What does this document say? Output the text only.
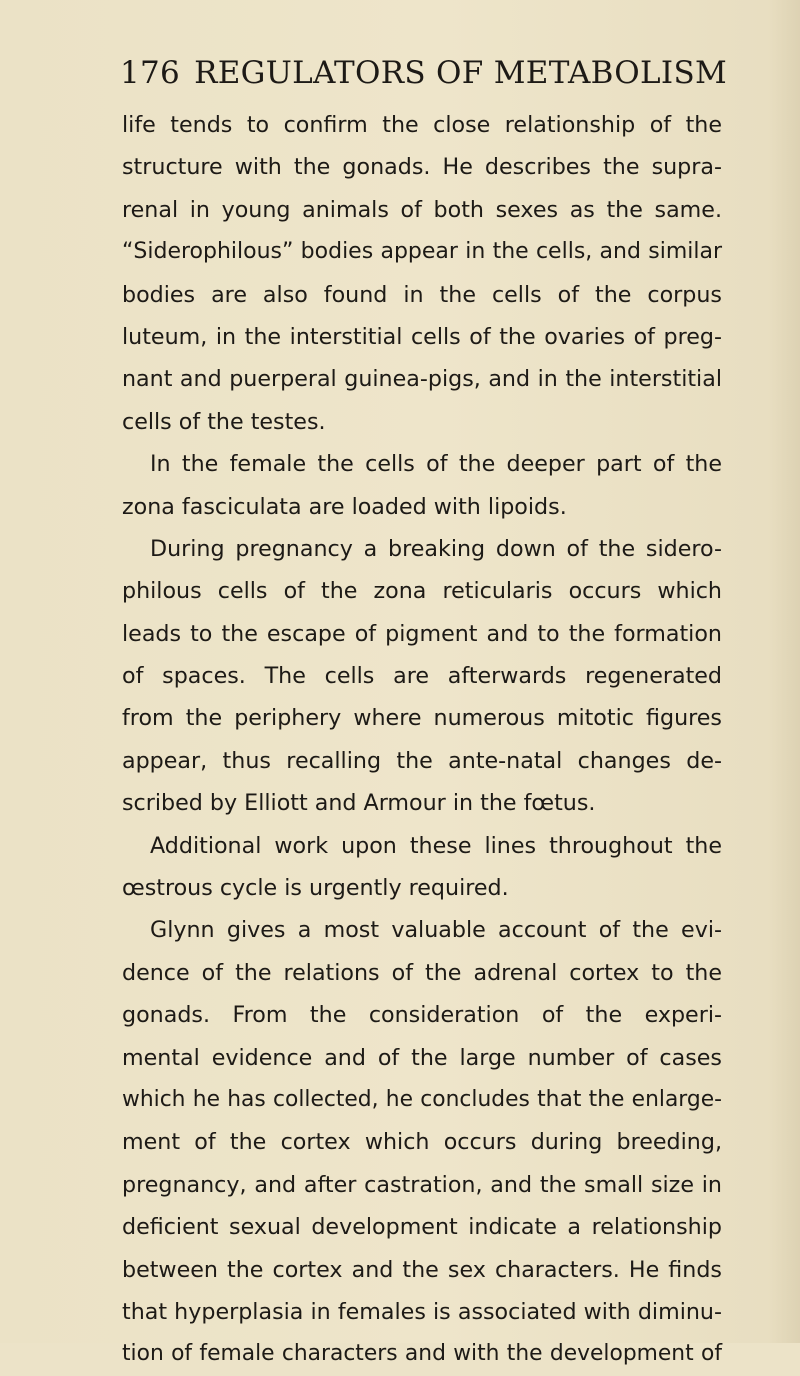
176 REGULATORS OF METABOLISM
life tends to confirm the close relationship of the
structure with the gonads. He describes the supra-
renal in young animals of both sexes as the same.
“Siderophilous” bodies appear in the cells, and similar
bodies are also found in the cells of the corpus
luteum, in the interstitial cells of the ovaries of preg-
nant and puerperal guinea-pigs, and in the interstitial
cells of the testes.
In the female the cells of the deeper part of the
zona fasciculata are loaded with lipoids.
During pregnancy a breaking down of the sidero-
philous cells of the zona reticularis occurs which
leads to the escape of pigment and to the formation
of spaces. The cells are afterwards regenerated
from the periphery where numerous mitotic figures
appear, thus recalling the ante-natal changes de-
scribed by Elliott and Armour in the fœtus.
Additional work upon these lines throughout the
œstrous cycle is urgently required.
Glynn gives a most valuable account of the evi-
dence of the relations of the adrenal cortex to the
gonads. From the consideration of the experi-
mental evidence and of the large number of cases
which he has collected, he concludes that the enlarge-
ment of the cortex which occurs during breeding,
pregnancy, and after castration, and the small size in
deficient sexual development indicate a relationship
between the cortex and the sex characters. He finds
that hyperplasia in females is associated with diminu-
tion of female characters and with the development of
